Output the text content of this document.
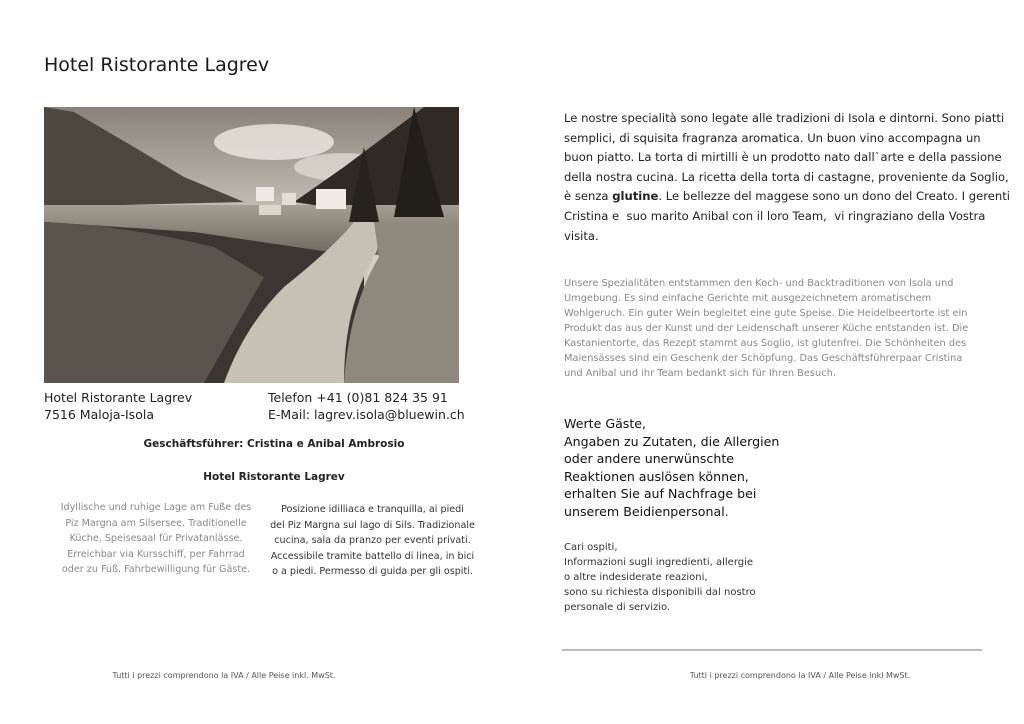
Hotel Ristorante Lagrev
Hotel Ristorante Lagrev
7516 Maloja-Isola
Telefon +41 (0)81 824 35 91
E-Mail: lagrev.isola@bluewin.ch
Geschäftsführer: Cristina e Anibal Ambrosio
Hotel Ristorante Lagrev
Idyllische und ruhige Lage am Fuße des
Piz Margna am Silsersee. Traditionelle
Küche, Speisesaal für Privatanlässe.
Erreichbar via Kursschiff, per Fahrrad
oder zu Fuß. Fahrbewilligung für Gäste.
Posizione idilliaca e tranquilla, ai piedi
del Piz Margna sul lago di Sils. Tradizionale
cucina, sala da pranzo per eventi privati.
Accessibile tramite battello di linea, in bici
o a piedi. Permesso di guida per gli ospiti.
Tutti i prezzi comprendono la IVA / Alle Peise inkl. MwSt.
Le nostre specialità sono legate alle tradizioni di Isola e dintorni. Sono piatti
semplici, di squisita fragranza aromatica. Un buon vino accompagna un
buon piatto. La torta di mirtilli è un prodotto nato dall`arte e della passione
della nostra cucina. La ricetta della torta di castagne, proveniente da Soglio,
è senza glutine. Le bellezze del maggese sono un dono del Creato. I gerenti
Cristina e  suo marito Anibal con il loro Team,  vi ringraziano della Vostra
visita.
Unsere Spezialitäten entstammen den Koch- und Backtraditionen von Isola und
Umgebung. Es sind einfache Gerichte mit ausgezeichnetem aromatischem
Wohlgeruch. Ein guter Wein begleitet eine gute Speise. Die Heidelbeertorte ist ein
Produkt das aus der Kunst und der Leidenschaft unserer Küche entstanden ist. Die
Kastanientorte, das Rezept stammt aus Soglio, ist glutenfrei. Die Schönheiten des
Maiensässes sind ein Geschenk der Schöpfung. Das Geschäftsführerpaar Cristina
und Anibal und ihr Team bedankt sich für Ihren Besuch.
Werte Gäste,
Angaben zu Zutaten, die Allergien
oder andere unerwünschte
Reaktionen auslösen können,
erhalten Sie auf Nachfrage bei
unserem Beidienpersonal.
Cari ospiti,
Informazioni sugli ingredienti, allergie
o altre indesiderate reazioni,
sono su richiesta disponibili dal nostro
personale di servizio.
Tutti i prezzi comprendono la IVA / Alle Peise inkl MwSt.
